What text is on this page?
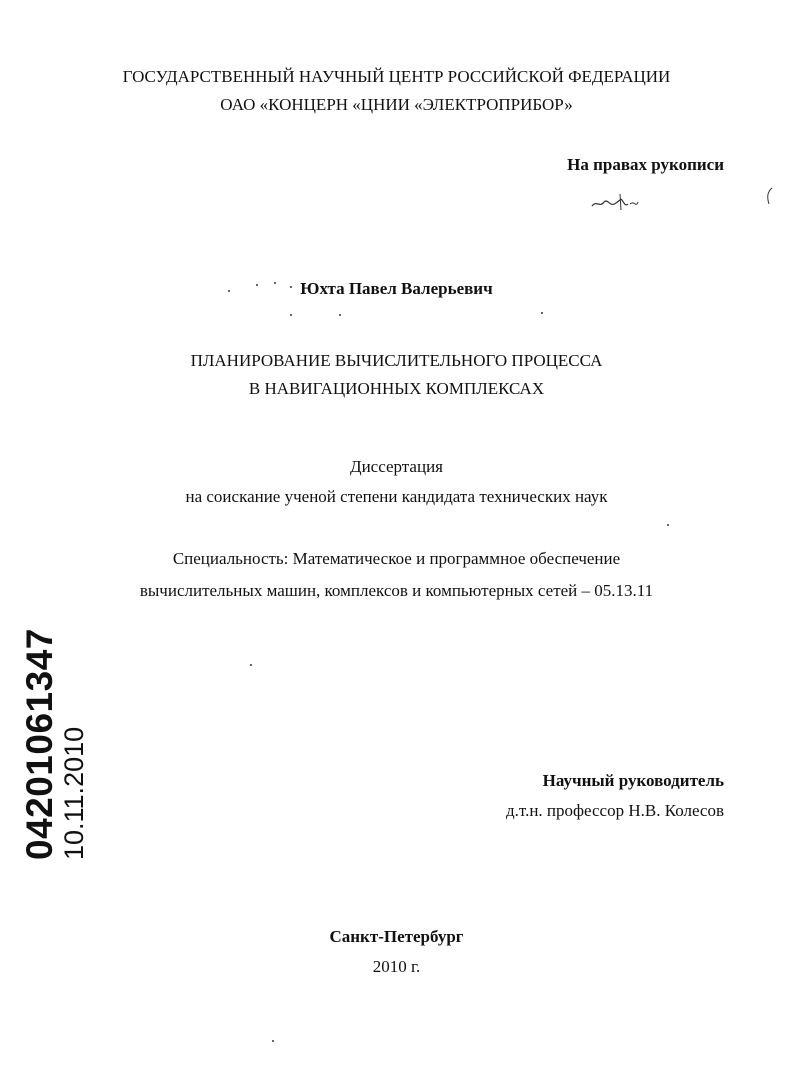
ГОСУДАРСТВЕННЫЙ НАУЧНЫЙ ЦЕНТР РОССИЙСКОЙ ФЕДЕРАЦИИ
ОАО «КОНЦЕРН «ЦНИИ «ЭЛЕКТРОПРИБОР»
На правах рукописи
Юхта Павел Валерьевич
ПЛАНИРОВАНИЕ ВЫЧИСЛИТЕЛЬНОГО ПРОЦЕССА
В НАВИГАЦИОННЫХ КОМПЛЕКСАХ
Диссертация
на соискание ученой степени кандидата технических наук
Специальность: Математическое и программное обеспечение
вычислительных машин, комплексов и компьютерных сетей – 05.13.11
Научный руководитель
д.т.н. профессор Н.В. Колесов
Санкт-Петербург
2010 г.
04201061347 10.11.2010
